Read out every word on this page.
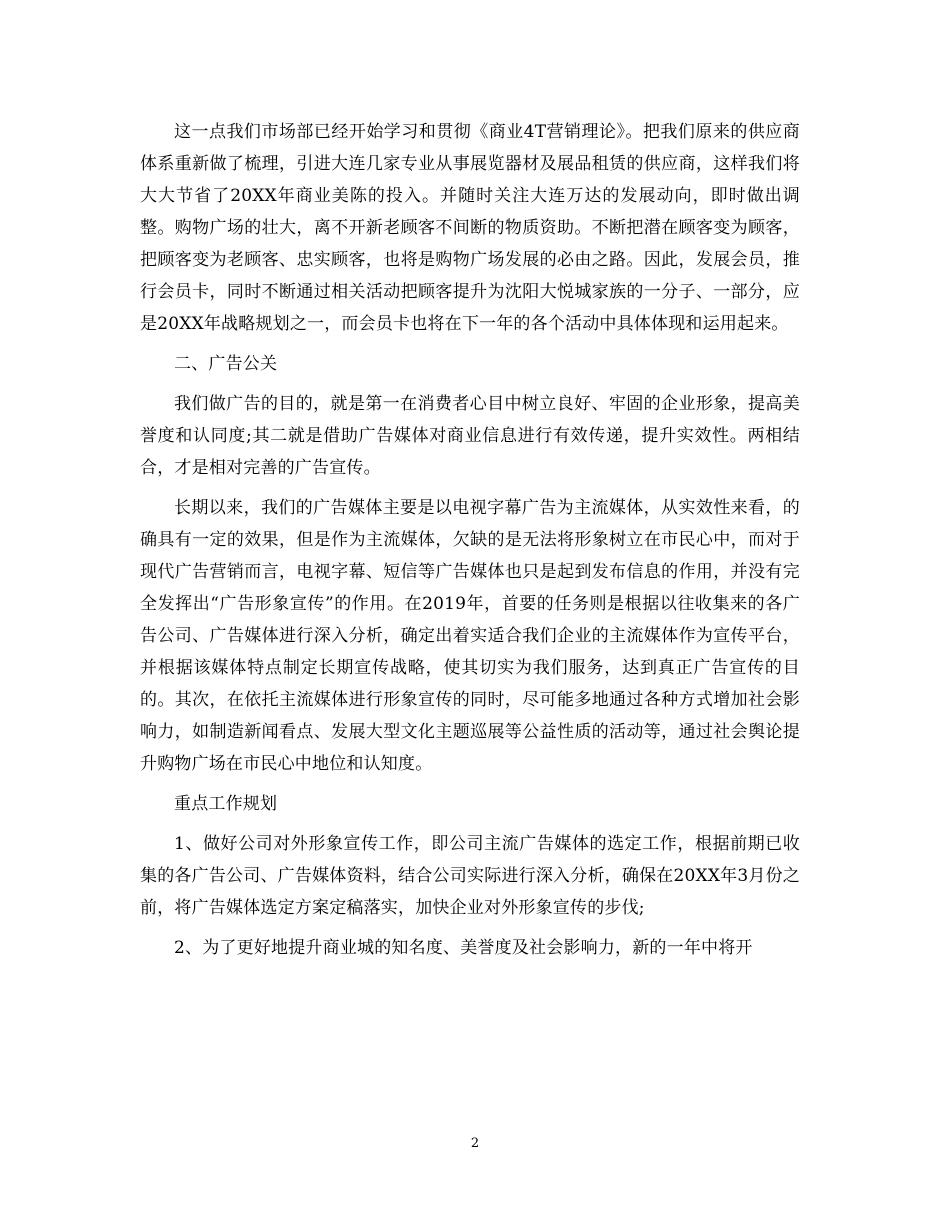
这一点我们市场部已经开始学习和贯彻《商业4T营销理论》。把我们原来的供应商体系重新做了梳理，引进大连几家专业从事展览器材及展品租赁的供应商，这样我们将大大节省了20XX年商业美陈的投入。并随时关注大连万达的发展动向，即时做出调整。购物广场的壮大，离不开新老顾客不间断的物质资助。不断把潜在顾客变为顾客，把顾客变为老顾客、忠实顾客，也将是购物广场发展的必由之路。因此，发展会员，推行会员卡，同时不断通过相关活动把顾客提升为沈阳大悦城家族的一分子、一部分，应是20XX年战略规划之一，而会员卡也将在下一年的各个活动中具体体现和运用起来。

二、广告公关

我们做广告的目的，就是第一在消费者心目中树立良好、牢固的企业形象，提高美誉度和认同度;其二就是借助广告媒体对商业信息进行有效传递，提升实效性。两相结合，才是相对完善的广告宣传。

长期以来，我们的广告媒体主要是以电视字幕广告为主流媒体，从实效性来看，的确具有一定的效果，但是作为主流媒体，欠缺的是无法将形象树立在市民心中，而对于现代广告营销而言，电视字幕、短信等广告媒体也只是起到发布信息的作用，并没有完全发挥出“广告形象宣传”的作用。在2019年，首要的任务则是根据以往收集来的各广告公司、广告媒体进行深入分析，确定出着实适合我们企业的主流媒体作为宣传平台，并根据该媒体特点制定长期宣传战略，使其切实为我们服务，达到真正广告宣传的目的。其次，在依托主流媒体进行形象宣传的同时，尽可能多地通过各种方式增加社会影响力，如制造新闻看点、发展大型文化主题巡展等公益性质的活动等，通过社会舆论提升购物广场在市民心中地位和认知度。

重点工作规划

1、做好公司对外形象宣传工作，即公司主流广告媒体的选定工作，根据前期已收集的各广告公司、广告媒体资料，结合公司实际进行深入分析，确保在20XX年3月份之前，将广告媒体选定方案定稿落实，加快企业对外形象宣传的步伐;

2、为了更好地提升商业城的知名度、美誉度及社会影响力，新的一年中将开

2
